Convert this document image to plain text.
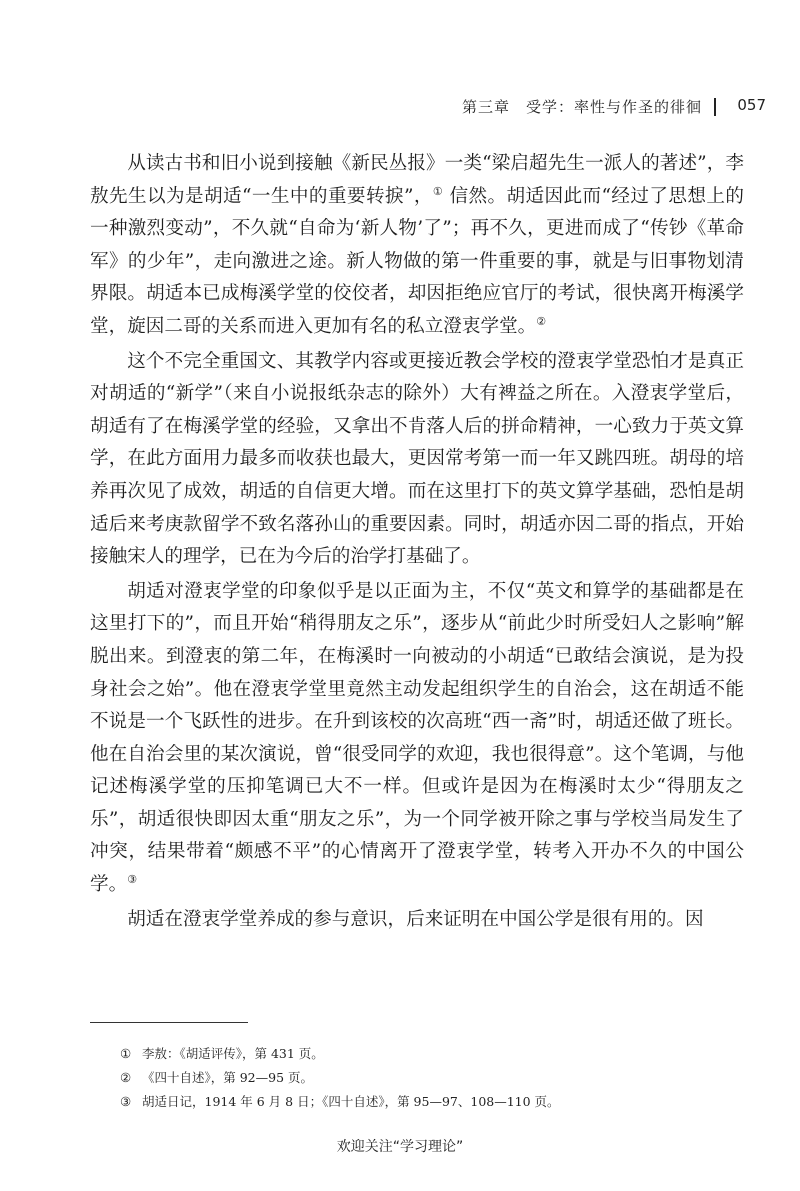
第三章　受学：率性与作圣的徘徊 057

从读古书和旧小说到接触《新民丛报》一类“梁启超先生一派人的著述”，李敖先生以为是胡适“一生中的重要转捩”，① 信然。胡适因此而“经过了思想上的一种激烈变动”，不久就“自命为‘新人物’了”；再不久，更进而成了“传钞《革命军》的少年”，走向激进之途。新人物做的第一件重要的事，就是与旧事物划清界限。胡适本已成梅溪学堂的佼佼者，却因拒绝应官厅的考试，很快离开梅溪学堂，旋因二哥的关系而进入更加有名的私立澄衷学堂。②

这个不完全重国文、其教学内容或更接近教会学校的澄衷学堂恐怕才是真正对胡适的“新学”（来自小说报纸杂志的除外）大有裨益之所在。入澄衷学堂后，胡适有了在梅溪学堂的经验，又拿出不肯落人后的拼命精神，一心致力于英文算学，在此方面用力最多而收获也最大，更因常考第一而一年又跳四班。胡母的培养再次见了成效，胡适的自信更大增。而在这里打下的英文算学基础，恐怕是胡适后来考庚款留学不致名落孙山的重要因素。同时，胡适亦因二哥的指点，开始接触宋人的理学，已在为今后的治学打基础了。

胡适对澄衷学堂的印象似乎是以正面为主，不仅“英文和算学的基础都是在这里打下的”，而且开始“稍得朋友之乐”，逐步从“前此少时所受妇人之影响”解脱出来。到澄衷的第二年，在梅溪时一向被动的小胡适“已敢结会演说，是为投身社会之始”。他在澄衷学堂里竟然主动发起组织学生的自治会，这在胡适不能不说是一个飞跃性的进步。在升到该校的次高班“西一斋”时，胡适还做了班长。他在自治会里的某次演说，曾“很受同学的欢迎，我也很得意”。这个笔调，与他记述梅溪学堂的压抑笔调已大不一样。但或许是因为在梅溪时太少“得朋友之乐”，胡适很快即因太重“朋友之乐”，为一个同学被开除之事与学校当局发生了冲突，结果带着“颇感不平”的心情离开了澄衷学堂，转考入开办不久的中国公学。③

胡适在澄衷学堂养成的参与意识，后来证明在中国公学是很有用的。因

① 李敖：《胡适评传》，第 431 页。
② 《四十自述》，第 92—95 页。
③ 胡适日记，1914 年 6 月 8 日；《四十自述》，第 95—97、108—110 页。
欢迎关注“学习理论”
